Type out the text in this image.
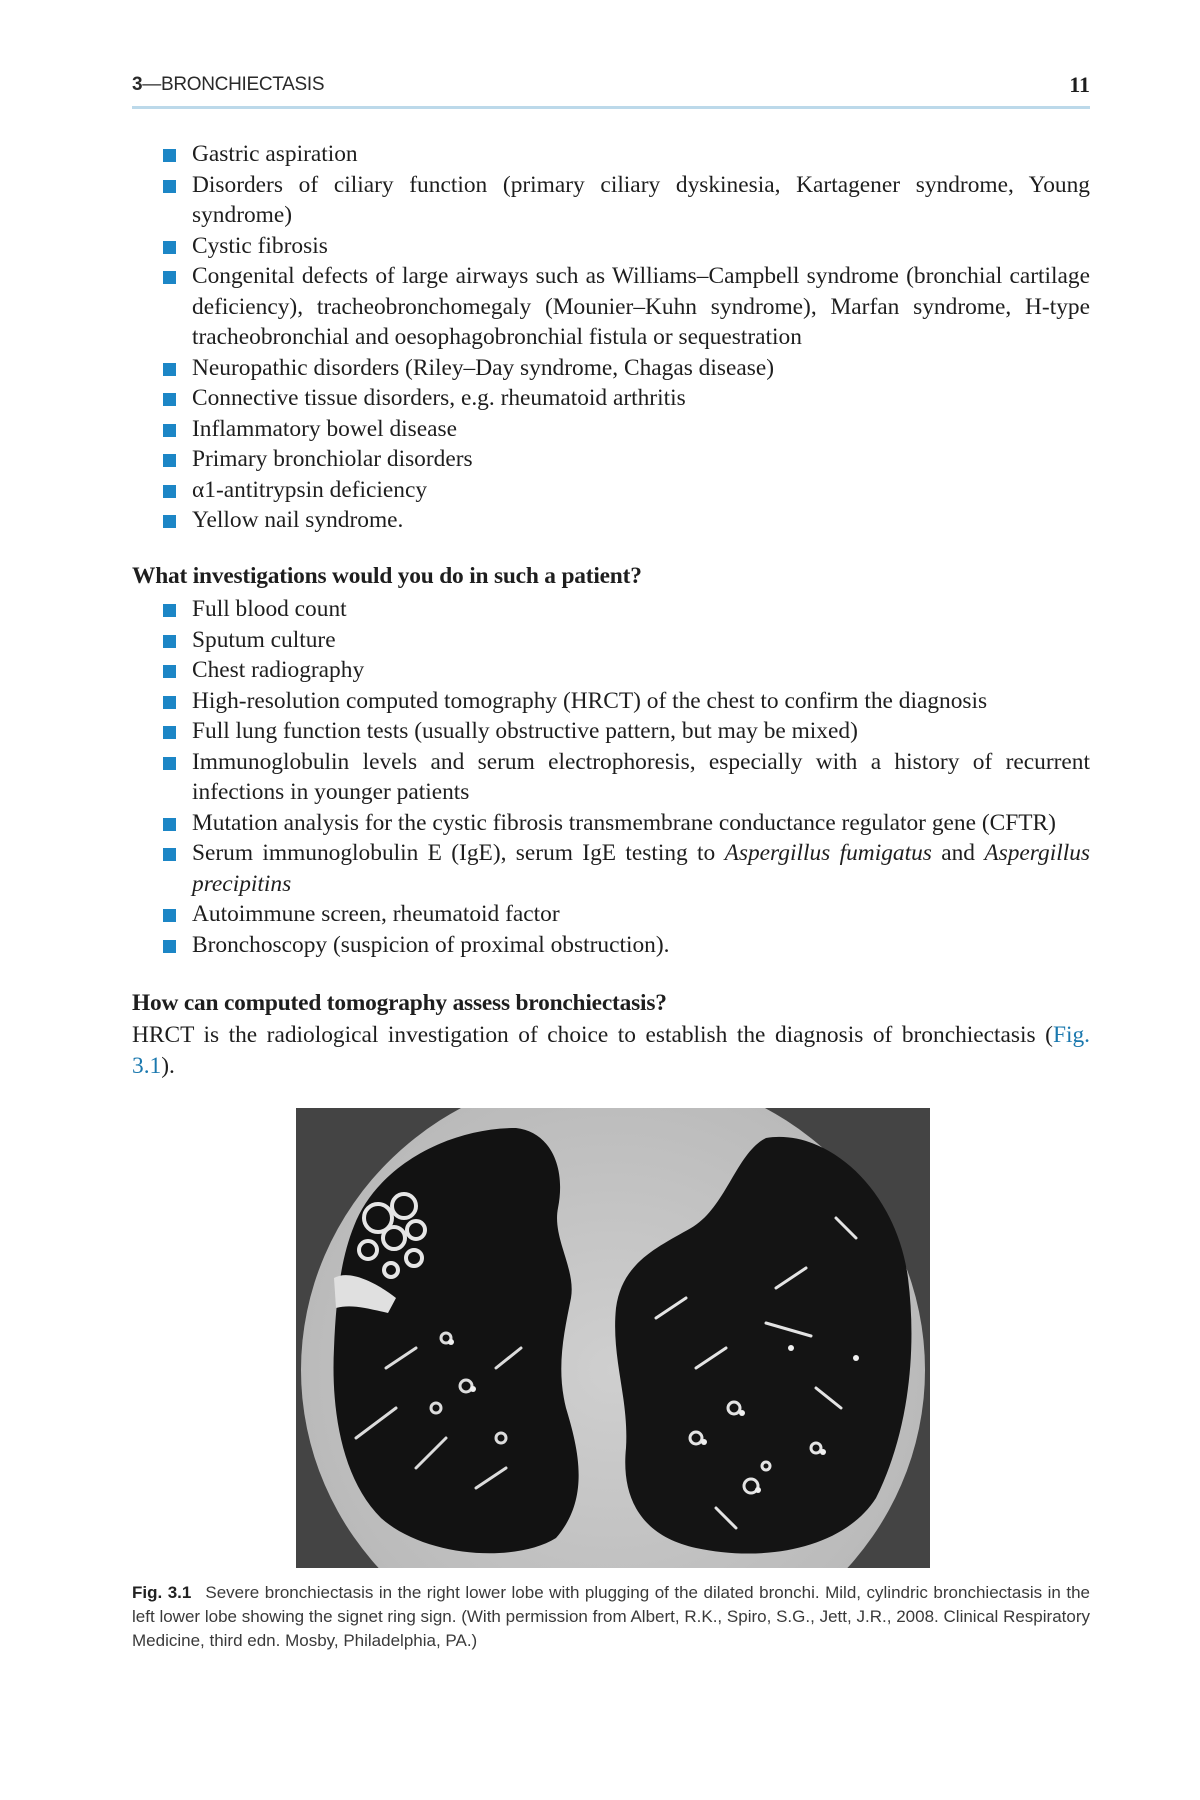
3—BRONCHIECTASIS	11
Gastric aspiration
Disorders of ciliary function (primary ciliary dyskinesia, Kartagener syndrome, Young syndrome)
Cystic fibrosis
Congenital defects of large airways such as Williams–Campbell syndrome (bronchial cartilage deficiency), tracheobronchomegaly (Mounier–Kuhn syndrome), Marfan syndrome, H-type tracheobronchial and oesophagobronchial fistula or sequestration
Neuropathic disorders (Riley–Day syndrome, Chagas disease)
Connective tissue disorders, e.g. rheumatoid arthritis
Inflammatory bowel disease
Primary bronchiolar disorders
α1-antitrypsin deficiency
Yellow nail syndrome.
What investigations would you do in such a patient?
Full blood count
Sputum culture
Chest radiography
High-resolution computed tomography (HRCT) of the chest to confirm the diagnosis
Full lung function tests (usually obstructive pattern, but may be mixed)
Immunoglobulin levels and serum electrophoresis, especially with a history of recurrent infections in younger patients
Mutation analysis for the cystic fibrosis transmembrane conductance regulator gene (CFTR)
Serum immunoglobulin E (IgE), serum IgE testing to Aspergillus fumigatus and Aspergillus precipitins
Autoimmune screen, rheumatoid factor
Bronchoscopy (suspicion of proximal obstruction).
How can computed tomography assess bronchiectasis?
HRCT is the radiological investigation of choice to establish the diagnosis of bronchiectasis (Fig. 3.1).
Fig. 3.1 Severe bronchiectasis in the right lower lobe with plugging of the dilated bronchi. Mild, cylindric bronchiectasis in the left lower lobe showing the signet ring sign. (With permission from Albert, R.K., Spiro, S.G., Jett, J.R., 2008. Clinical Respiratory Medicine, third edn. Mosby, Philadelphia, PA.)
